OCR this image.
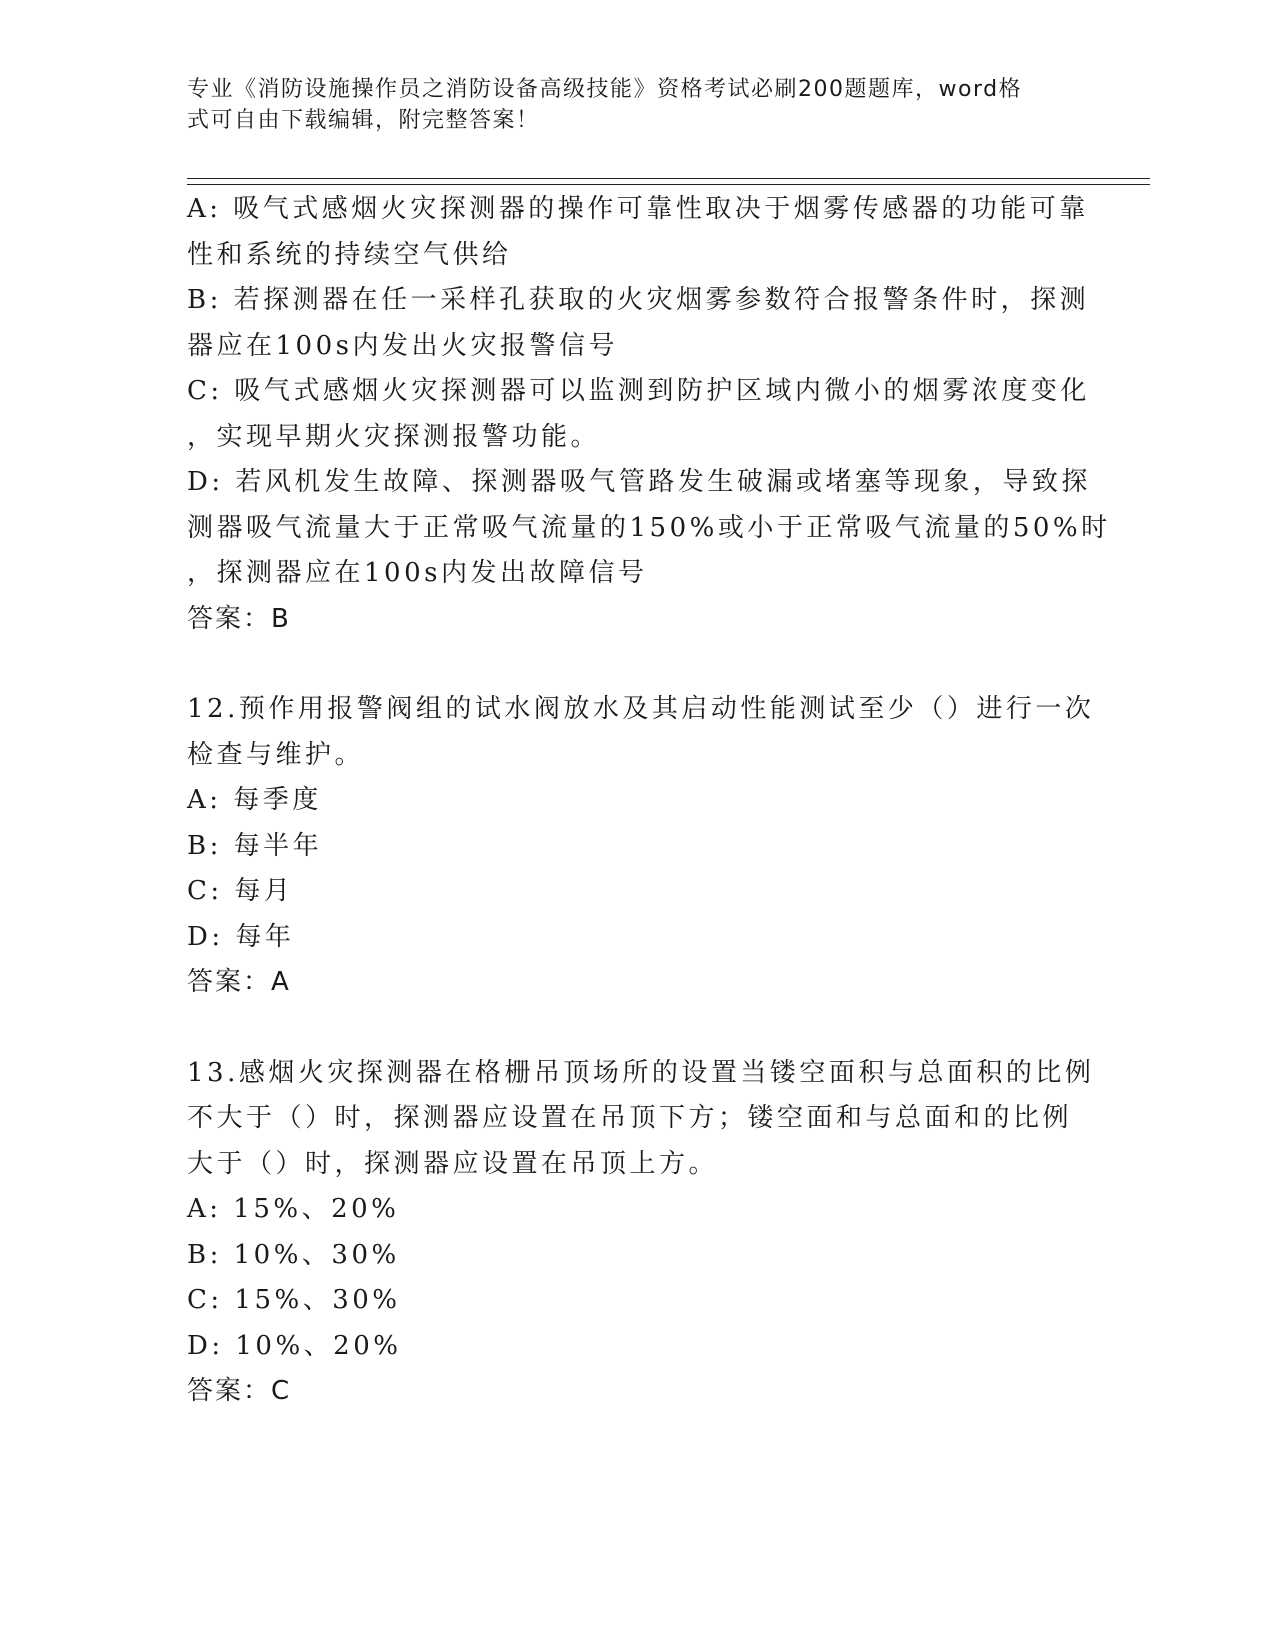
专业《消防设施操作员之消防设备高级技能》资格考试必刷200题题库，word格
式可自由下载编辑，附完整答案！
A: 吸气式感烟火灾探测器的操作可靠性取决于烟雾传感器的功能可靠
性和系统的持续空气供给
B: 若探测器在任一采样孔获取的火灾烟雾参数符合报警条件时，探测
器应在100s内发出火灾报警信号
C: 吸气式感烟火灾探测器可以监测到防护区域内微小的烟雾浓度变化
，实现早期火灾探测报警功能。
D: 若风机发生故障、探测器吸气管路发生破漏或堵塞等现象，导致探
测器吸气流量大于正常吸气流量的150%或小于正常吸气流量的50%时
，探测器应在100s内发出故障信号
答案：B
12.预作用报警阀组的试水阀放水及其启动性能测试至少（）进行一次
检查与维护。
A: 每季度
B: 每半年
C: 每月
D: 每年
答案：A
13.感烟火灾探测器在格栅吊顶场所的设置当镂空面积与总面积的比例
不大于（）时，探测器应设置在吊顶下方；镂空面和与总面和的比例
大于（）时，探测器应设置在吊顶上方。
A: 15%、20%
B: 10%、30%
C: 15%、30%
D: 10%、20%
答案：C
